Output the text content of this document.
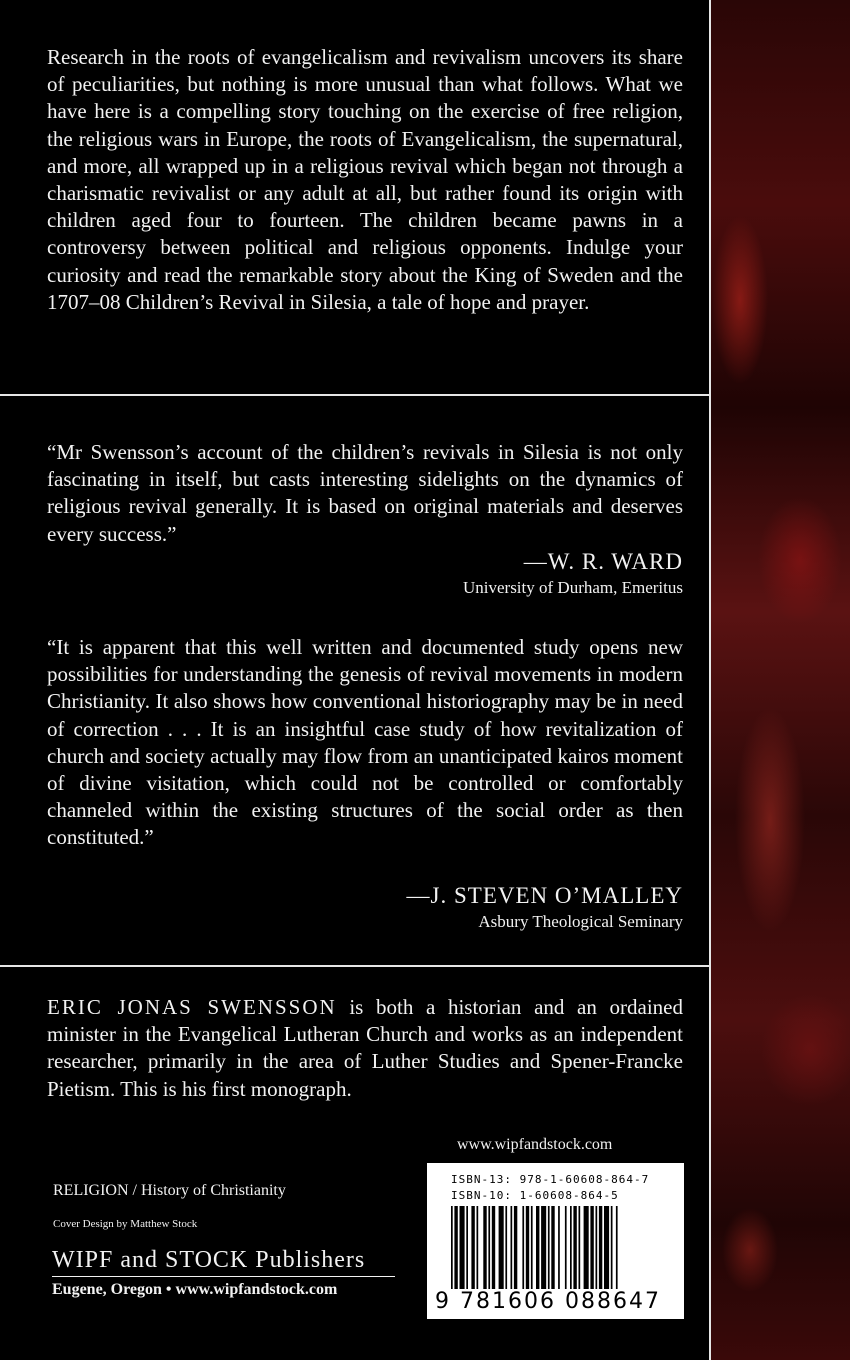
Research in the roots of evangelicalism and revivalism uncovers its share of peculiarities, but nothing is more unusual than what follows. What we have here is a compelling story touching on the exercise of free religion, the religious wars in Europe, the roots of Evangelicalism, the supernatural, and more, all wrapped up in a religious revival which began not through a charismatic revivalist or any adult at all, but rather found its origin with children aged four to fourteen. The children became pawns in a controversy between political and religious opponents. Indulge your curiosity and read the remarkable story about the King of Sweden and the 1707–08 Children’s Revival in Silesia, a tale of hope and prayer.

“Mr Swensson’s account of the children’s revivals in Silesia is not only fascinating in itself, but casts interesting sidelights on the dynamics of religious revival generally. It is based on original materials and deserves every success.”

—W. R. WARD

University of Durham, Emeritus

“It is apparent that this well written and documented study opens new possibilities for understanding the genesis of revival movements in modern Christianity. It also shows how conventional historiography may be in need of correction . . . It is an insightful case study of how revitalization of church and society actually may flow from an unanticipated kairos moment of divine visitation, which could not be controlled or comfortably channeled within the existing structures of the social order as then constituted.”

—J. STEVEN O’MALLEY

Asbury Theological Seminary

ERIC JONAS SWENSSON is both a historian and an ordained minister in the Evangelical Lutheran Church and works as an independent researcher, primarily in the area of Luther Studies and Spener-Francke Pietism. This is his first monograph.

www.wipfandstock.com

RELIGION / History of Christianity

Cover Design by Matthew Stock

WIPF and STOCK Publishers

Eugene, Oregon • www.wipfandstock.com

ISBN-13: 978-1-60608-864-7

ISBN-10: 1-60608-864-5

9 781606 088647
